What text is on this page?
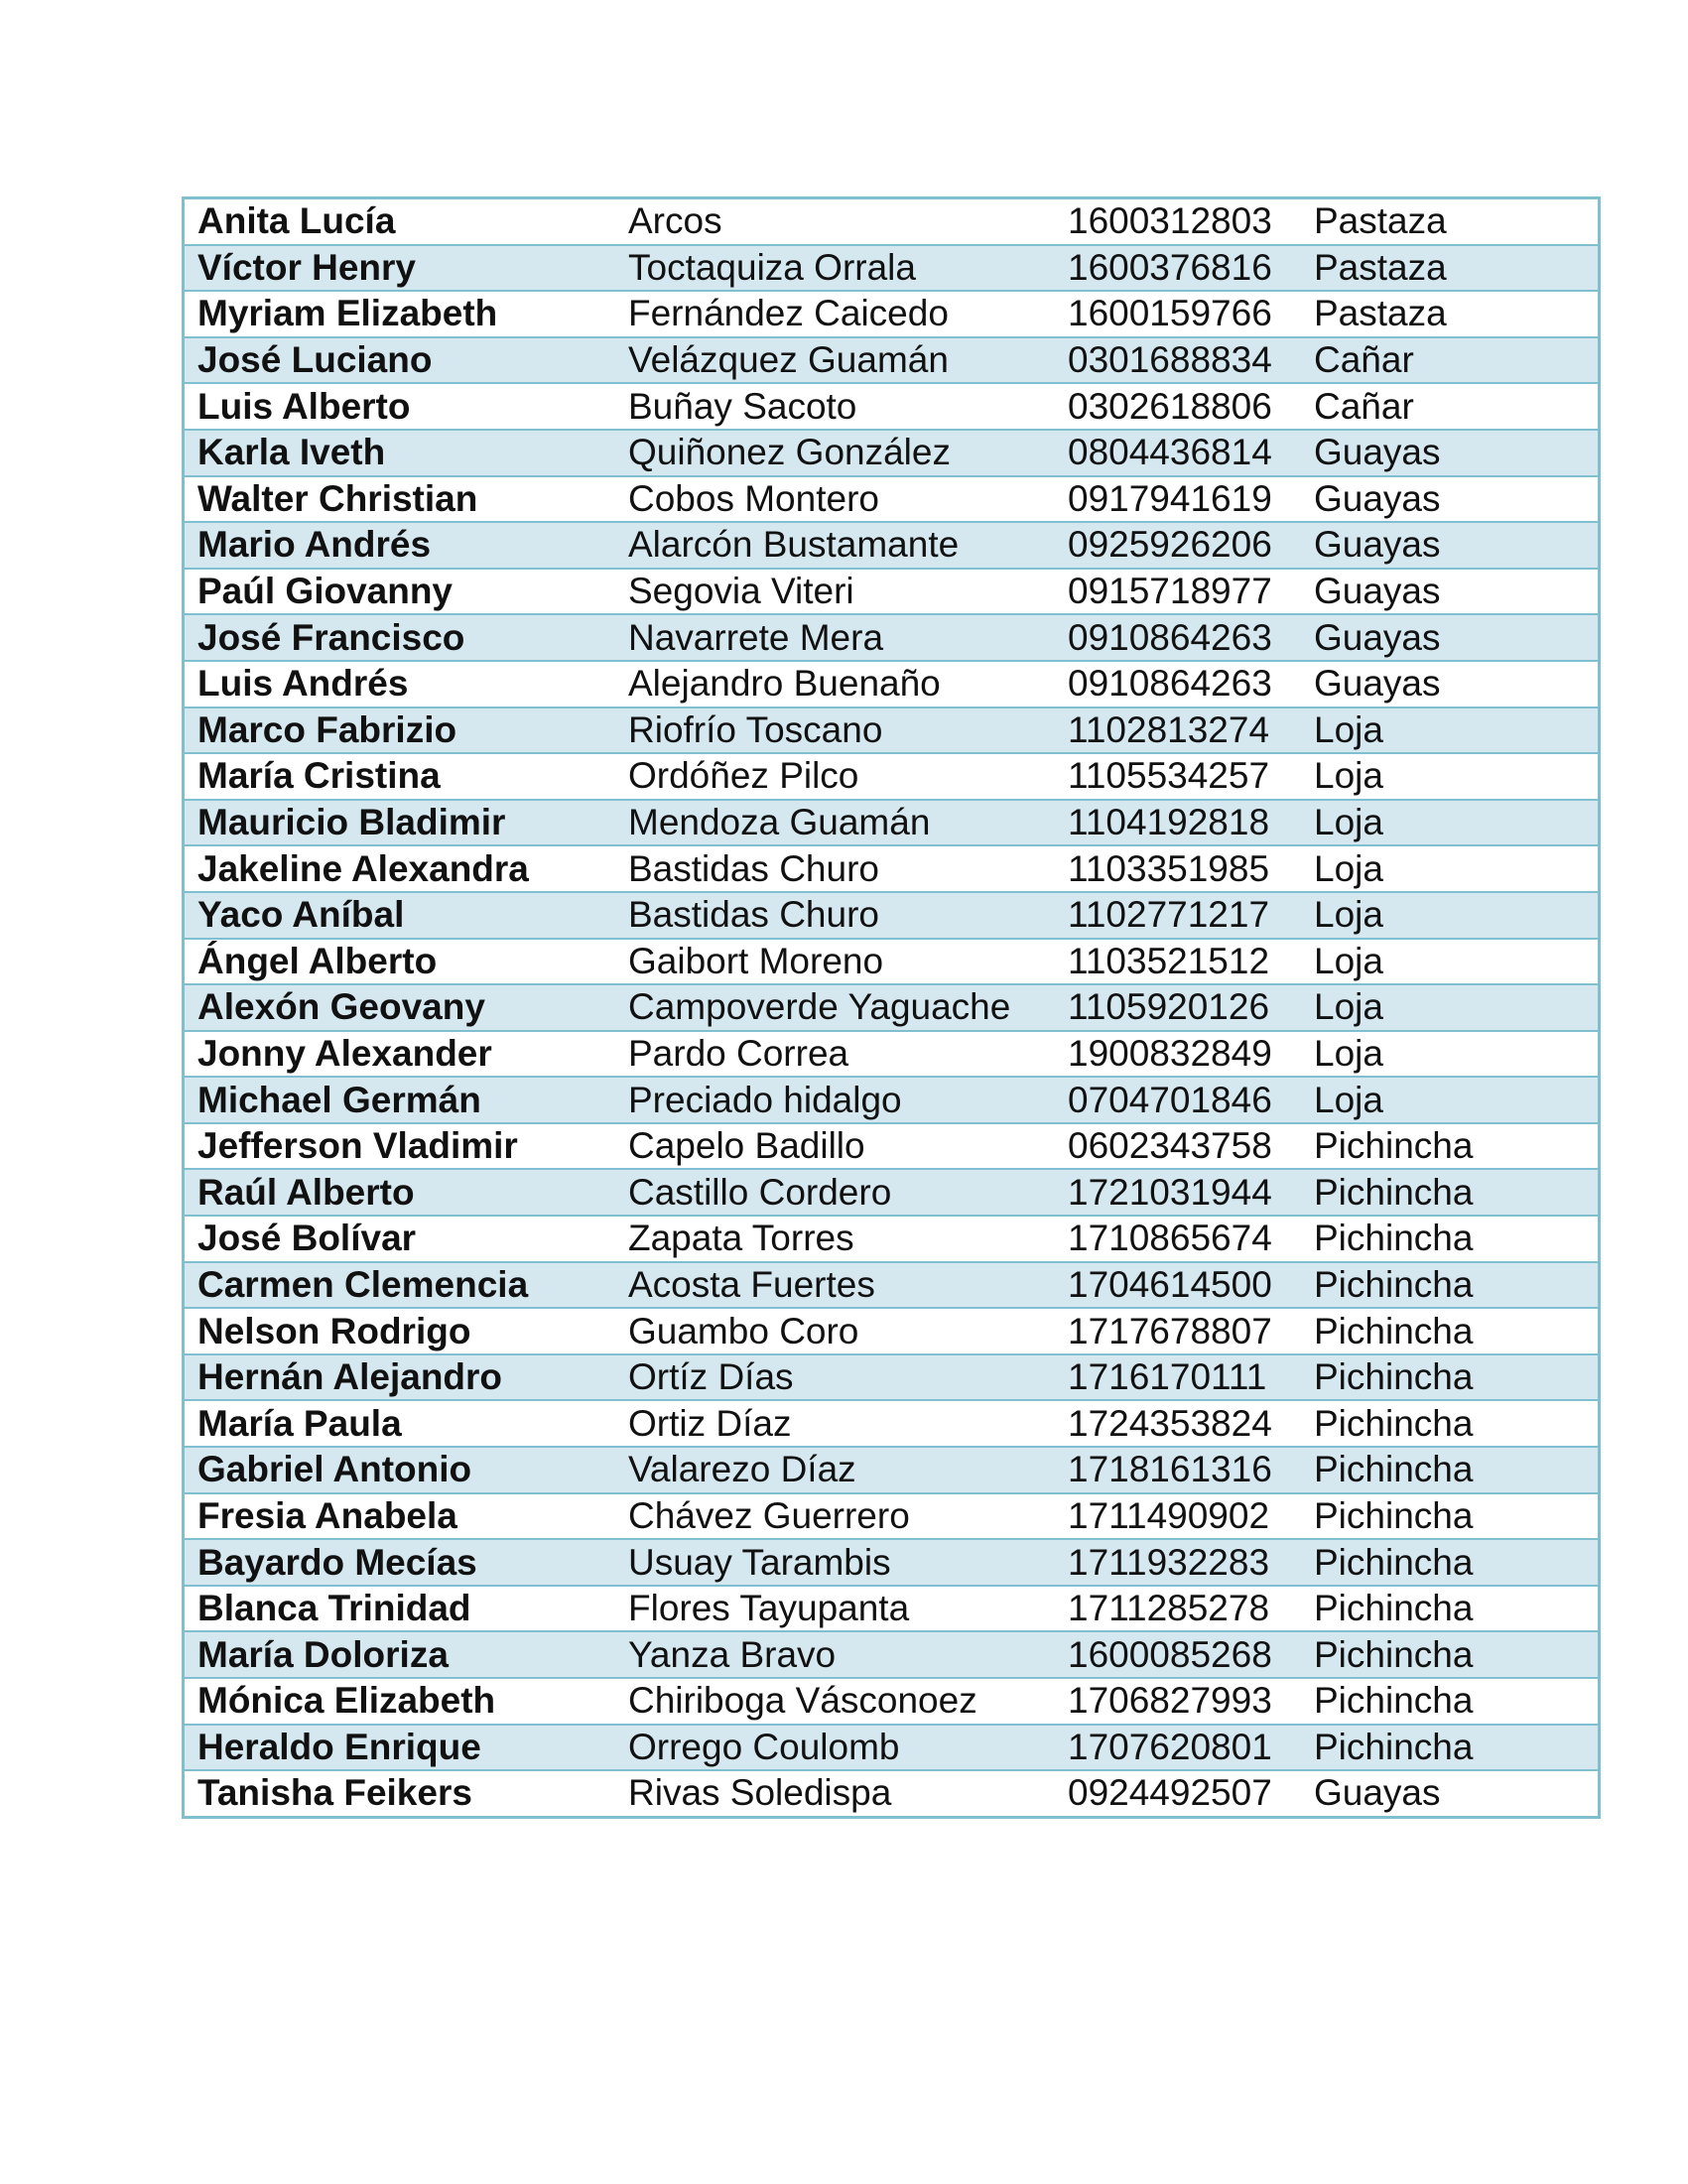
Anita Lucía	Arcos	1600312803	Pastaza
Víctor Henry	Toctaquiza Orrala	1600376816	Pastaza
Myriam Elizabeth	Fernández Caicedo	1600159766	Pastaza
José Luciano	Velázquez Guamán	0301688834	Cañar
Luis Alberto	Buñay Sacoto	0302618806	Cañar
Karla Iveth	Quiñonez González	0804436814	Guayas
Walter Christian	Cobos Montero	0917941619	Guayas
Mario Andrés	Alarcón Bustamante	0925926206	Guayas
Paúl Giovanny	Segovia Viteri	0915718977	Guayas
José Francisco	Navarrete Mera	0910864263	Guayas
Luis Andrés	Alejandro Buenaño	0910864263	Guayas
Marco Fabrizio	Riofrío Toscano	1102813274	Loja
María Cristina	Ordóñez Pilco	1105534257	Loja
Mauricio Bladimir	Mendoza Guamán	1104192818	Loja
Jakeline Alexandra	Bastidas Churo	1103351985	Loja
Yaco Aníbal	Bastidas Churo	1102771217	Loja
Ángel Alberto	Gaibort Moreno	1103521512	Loja
Alexón Geovany	Campoverde Yaguache	1105920126	Loja
Jonny Alexander	Pardo Correa	1900832849	Loja
Michael Germán	Preciado hidalgo	0704701846	Loja
Jefferson Vladimir	Capelo Badillo	0602343758	Pichincha
Raúl Alberto	Castillo Cordero	1721031944	Pichincha
José Bolívar	Zapata Torres	1710865674	Pichincha
Carmen Clemencia	Acosta Fuertes	1704614500	Pichincha
Nelson Rodrigo	Guambo Coro	1717678807	Pichincha
Hernán Alejandro	Ortíz Días	1716170111	Pichincha
María Paula	Ortiz Díaz	1724353824	Pichincha
Gabriel Antonio	Valarezo Díaz	1718161316	Pichincha
Fresia Anabela	Chávez Guerrero	1711490902	Pichincha
Bayardo Mecías	Usuay Tarambis	1711932283	Pichincha
Blanca Trinidad	Flores Tayupanta	1711285278	Pichincha
María Doloriza	Yanza Bravo	1600085268	Pichincha
Mónica Elizabeth	Chiriboga Vásconoez	1706827993	Pichincha
Heraldo Enrique	Orrego Coulomb	1707620801	Pichincha
Tanisha Feikers	Rivas Soledispa	0924492507	Guayas
